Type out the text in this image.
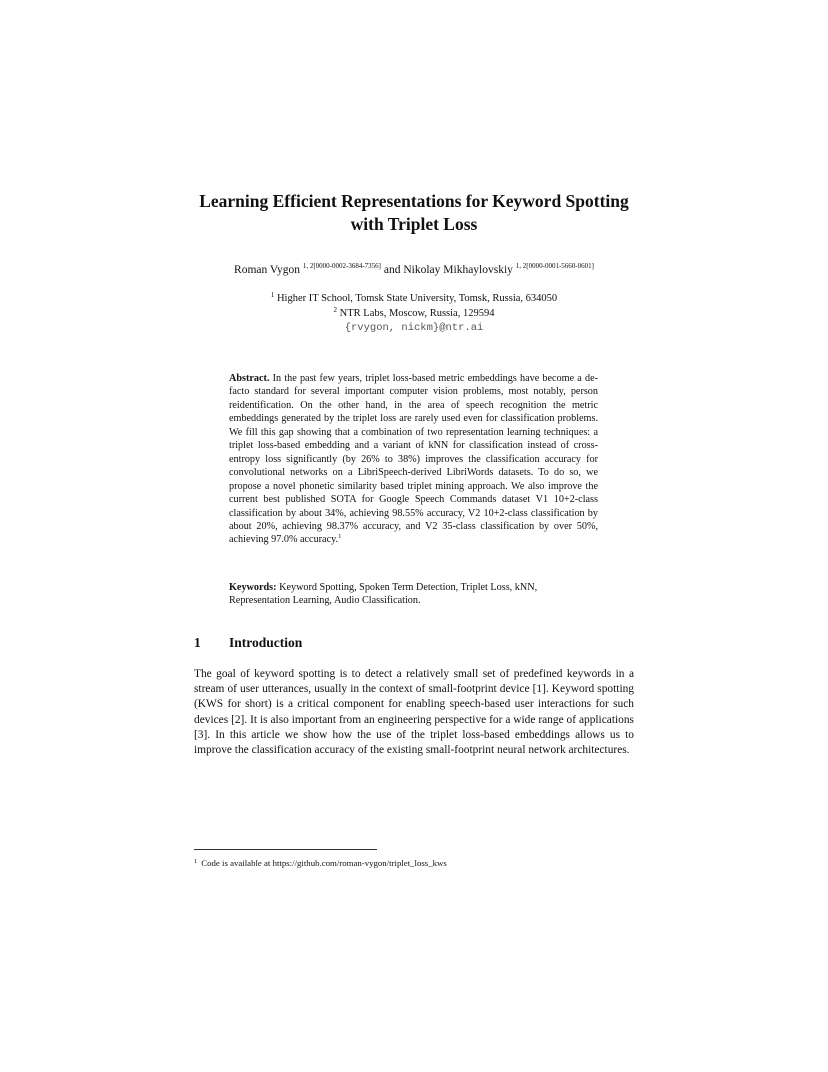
Learning Efficient Representations for Keyword Spotting
with Triplet Loss
Roman Vygon $^{1, 2[0000-0002-3684-7356]}$ and Nikolay Mikhaylovskiy $^{1, 2[0000-0001-5660-0601]}$
$^1$ Higher IT School, Tomsk State University, Tomsk, Russia, 634050
$^2$ NTR Labs, Moscow, Russia, 129594
{rvygon, nickm}@ntr.ai
Abstract. In the past few years, triplet loss-based metric embeddings have become a de-facto standard for several important computer vision problems, most notably, person reidentification. On the other hand, in the area of speech recognition the metric embeddings generated by the triplet loss are rarely used even for classification problems. We fill this gap showing that a combination of two representation learning techniques: a triplet loss-based embedding and a variant of kNN for classification instead of cross-entropy loss significantly (by 26% to 38%) improves the classification accuracy for convolutional networks on a LibriSpeech-derived LibriWords datasets. To do so, we propose a novel phonetic similarity based triplet mining approach. We also improve the current best published SOTA for Google Speech Commands dataset V1 10+2-class classification by about 34%, achieving 98.55% accuracy, V2 10+2-class classification by about 20%, achieving 98.37% accuracy, and V2 35-class classification by over 50%, achieving 97.0% accuracy.$^1$
Keywords: Keyword Spotting, Spoken Term Detection, Triplet Loss, kNN, Representation Learning, Audio Classification.
1 Introduction
The goal of keyword spotting is to detect a relatively small set of predefined keywords in a stream of user utterances, usually in the context of small-footprint device [1]. Keyword spotting (KWS for short) is a critical component for enabling speech-based user interactions for such devices [2]. It is also important from an engineering perspective for a wide range of applications [3]. In this article we show how the use of the triplet loss-based embeddings allows us to improve the classification accuracy of the existing small-footprint neural network architectures.
$^1$ Code is available at https://github.com/roman-vygon/triplet_loss_kws
